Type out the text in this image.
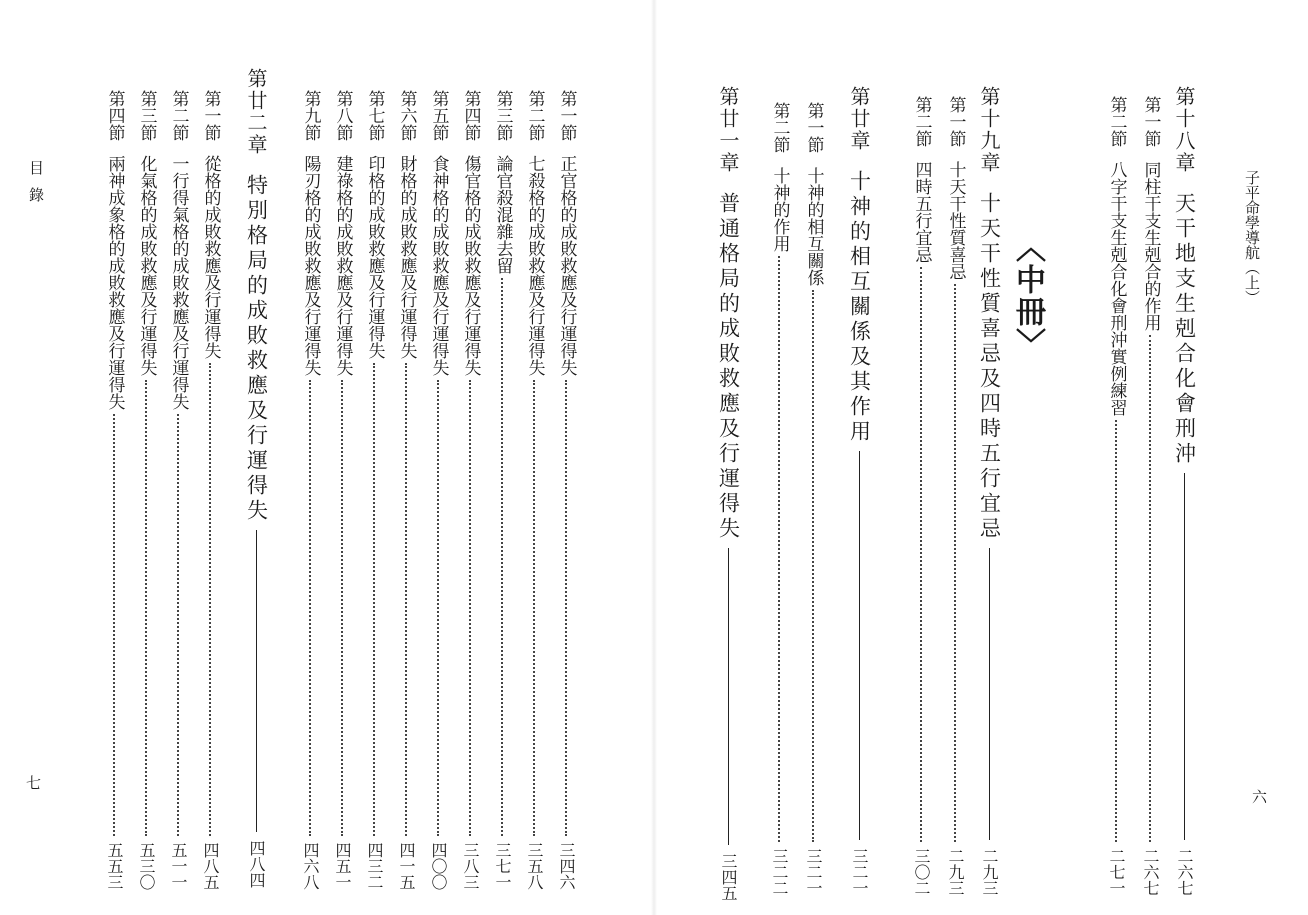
子平命學導航（上）
六
〈中冊〉
第十八章
天干地支生剋合化會刑沖
二六七
第一節
同柱干支生剋合的作用
二六七
第二節
八字干支生剋合化會刑沖實例練習
二七一
第十九章
十天干性質喜忌及四時五行宜忌
二九三
第一節
十天干性質喜忌
二九三
第二節
四時五行宜忌
三〇二
第廿章
十神的相互關係及其作用
三二一
第一節
十神的相互關係
三二一
第二節
十神的作用
三二二
第廿一章
普通格局的成敗救應及行運得失
三四五
目錄
七
第一節
正官格的成敗救應及行運得失
三四六
第二節
七殺格的成敗救應及行運得失
三五八
第三節
論官殺混雜去留
三七一
第四節
傷官格的成敗救應及行運得失
三八三
第五節
食神格的成敗救應及行運得失
四〇〇
第六節
財格的成敗救應及行運得失
四一五
第七節
印格的成敗救應及行運得失
四三二
第八節
建祿格的成敗救應及行運得失
四五一
第九節
陽刃格的成敗救應及行運得失
四六八
第廿二章
特別格局的成敗救應及行運得失
四八四
第一節
從格的成敗救應及行運得失
四八五
第二節
一行得氣格的成敗救應及行運得失
五一一
第三節
化氣格的成敗救應及行運得失
五三〇
第四節
兩神成象格的成敗救應及行運得失
五五三
